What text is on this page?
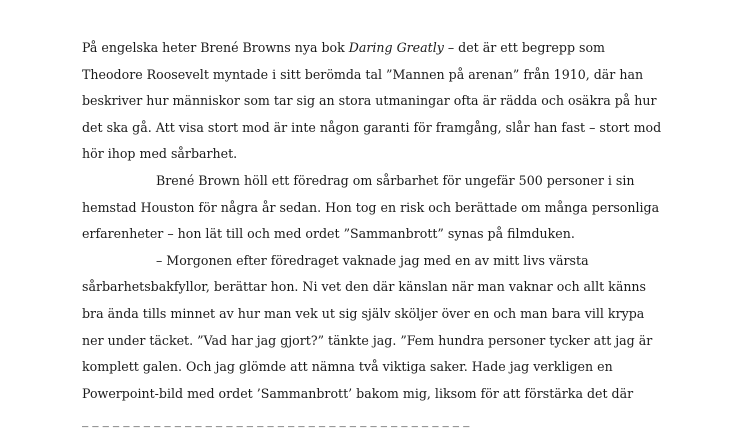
På engelska heter Brené Browns nya bok Daring Greatly – det är ett begrepp som
Theodore Roosevelt myntade i sitt berömda tal ”Mannen på arenan” från 1910, där han
beskriver hur människor som tar sig an stora utmaningar ofta är rädda och osäkra på hur
det ska gå. Att visa stort mod är inte någon garanti för framgång, slår han fast – stort mod
hör ihop med sårbarhet.
Brené Brown höll ett föredrag om sårbarhet för ungefär 500 personer i sin
hemstad Houston för några år sedan. Hon tog en risk och berättade om många personliga
erfarenheter – hon lät till och med ordet ”Sammanbrott” synas på filmduken.
– Morgonen efter föredraget vaknade jag med en av mitt livs värsta
sårbarhetsbakfyllor, berättar hon. Ni vet den där känslan när man vaknar och allt känns
bra ända tills minnet av hur man vek ut sig själv sköljer över en och man bara vill krypa
ner under täcket. ”Vad har jag gjort?” tänkte jag. ”Fem hundra personer tycker att jag är
komplett galen. Och jag glömde att nämna två viktiga saker. Hade jag verkligen en
Powerpoint-bild med ordet ’Sammanbrott’ bakom mig, liksom för att förstärka det där
_ _ _ _ _ _ _ _ _ _ _ _ _ _ _ _ _ _ _ _ _ _ _ _ _ _ _ _ _ _ _ _ _ _ _ _ _ _
